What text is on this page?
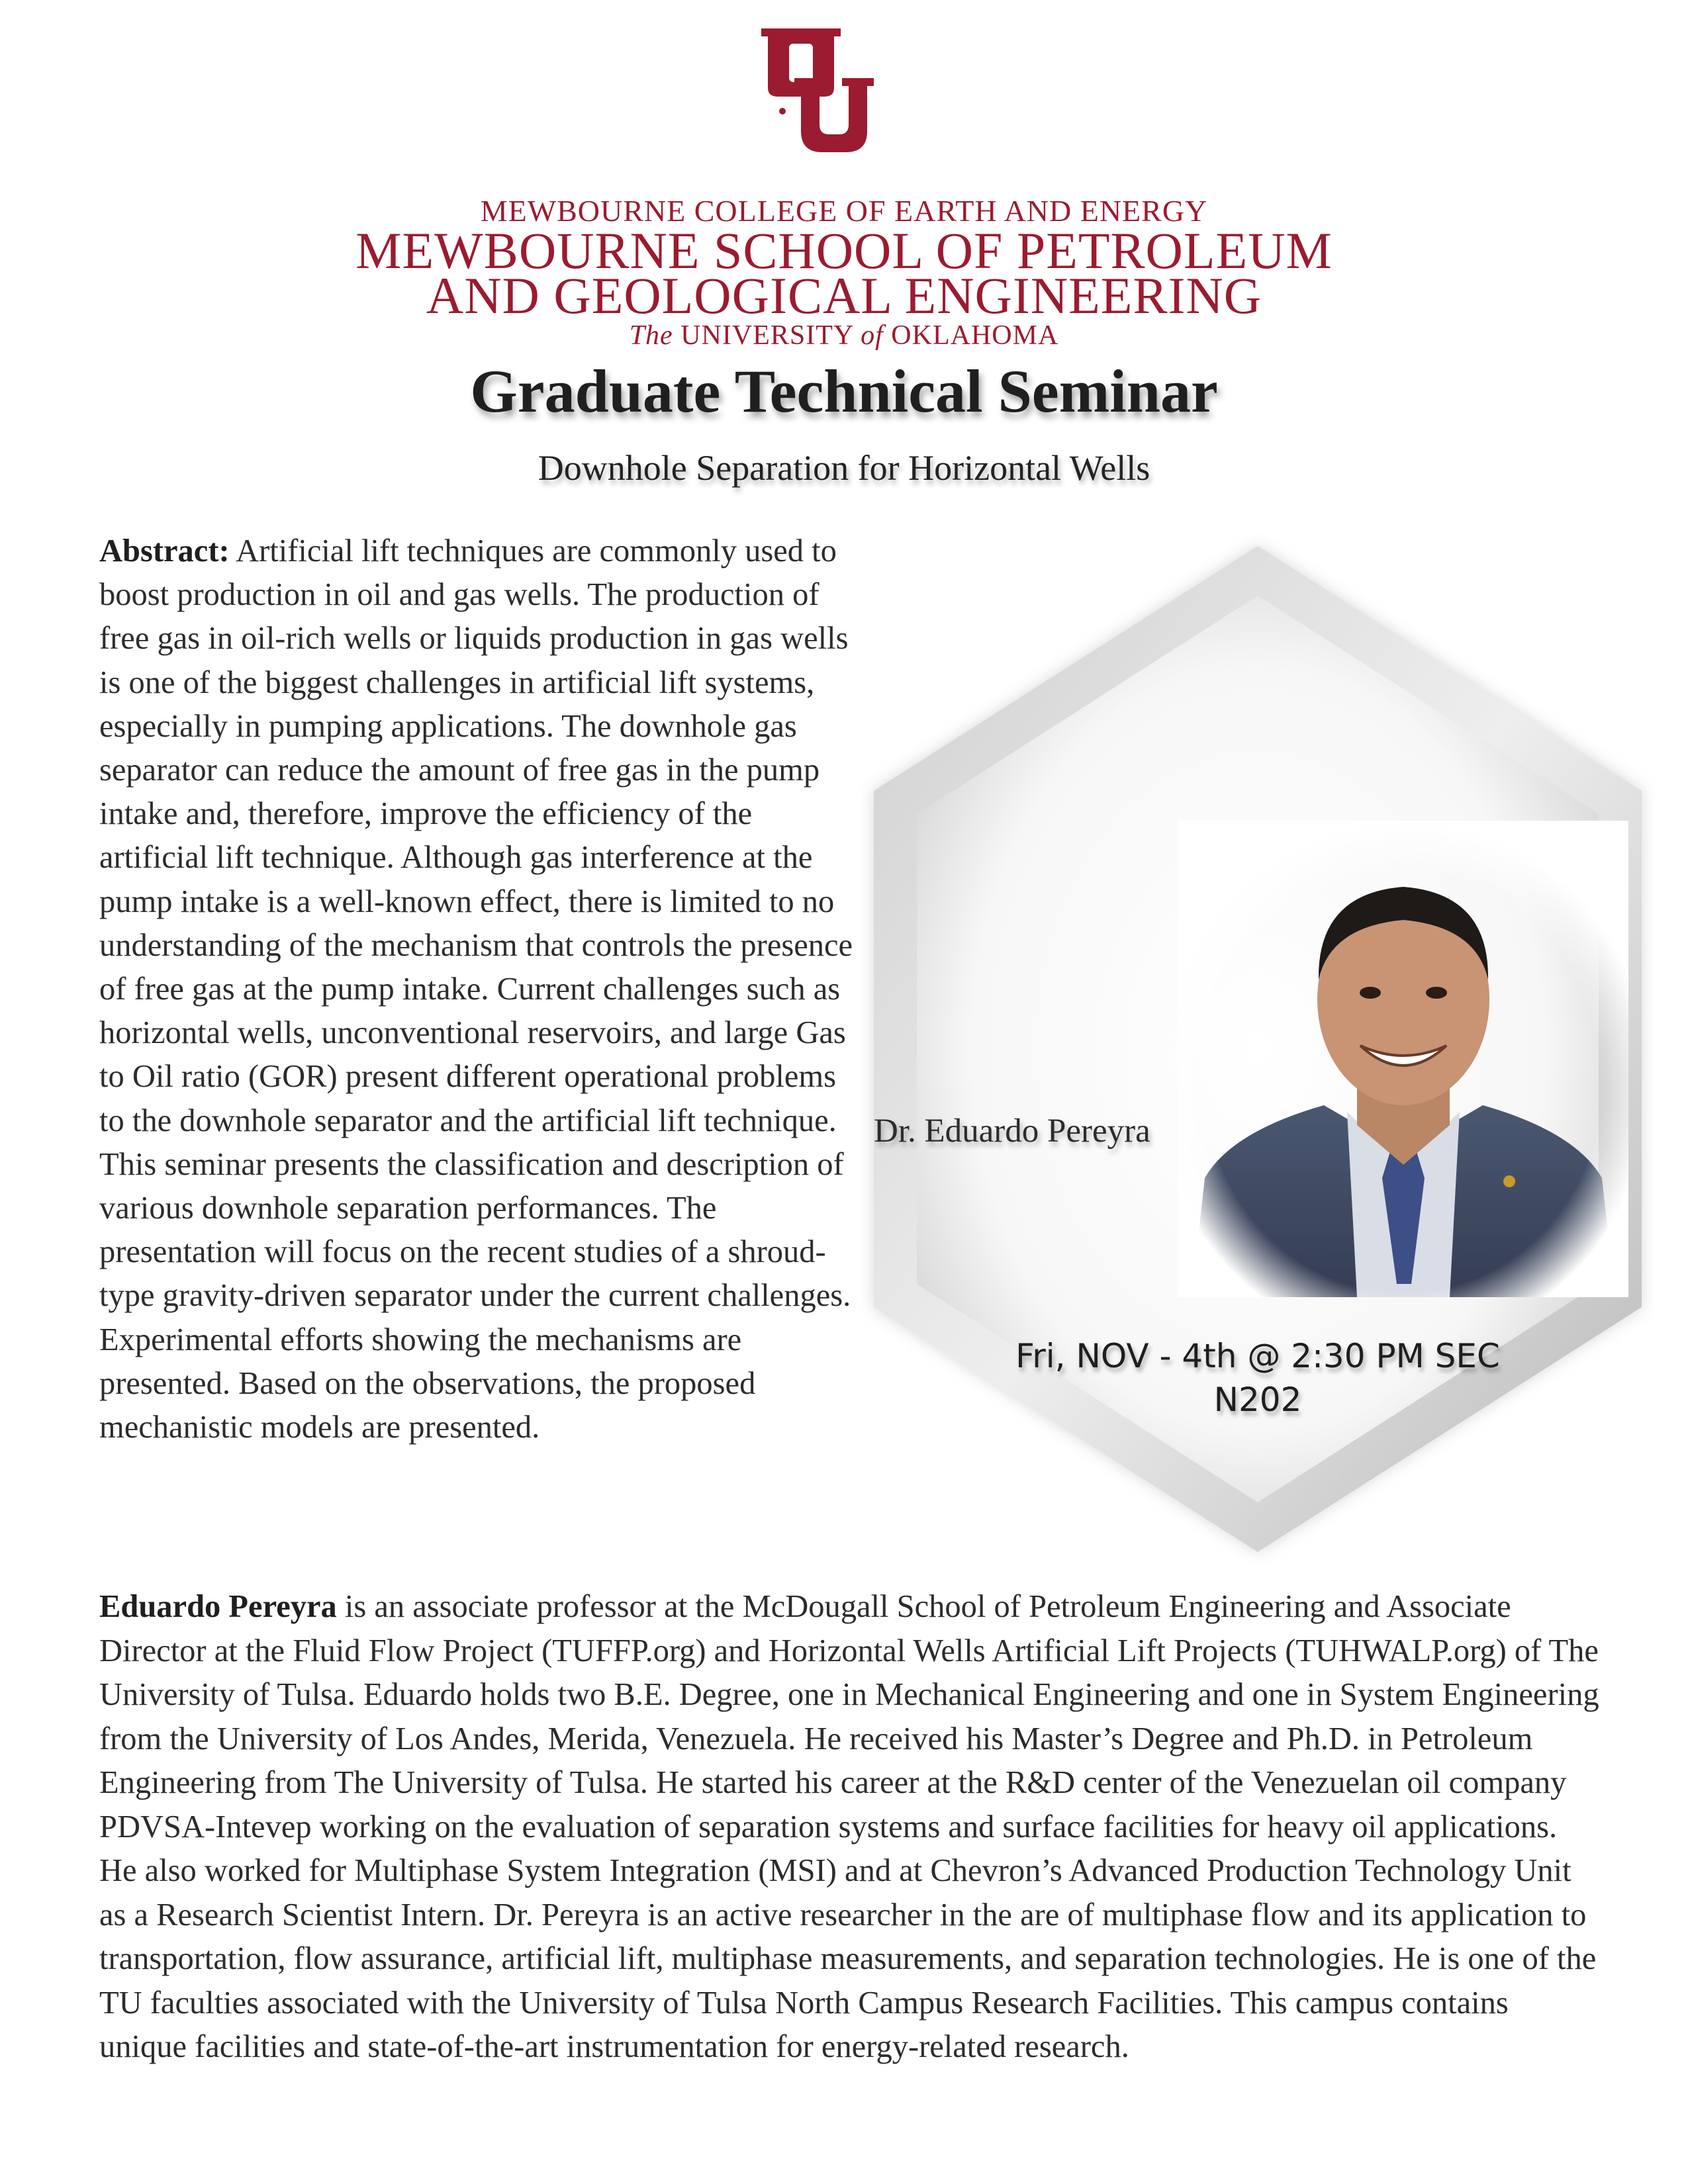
MEWBOURNE COLLEGE OF EARTH AND ENERGY
MEWBOURNE SCHOOL OF PETROLEUM
AND GEOLOGICAL ENGINEERING
The UNIVERSITY of OKLAHOMA
Graduate Technical Seminar
Downhole Separation for Horizontal Wells
Abstract: Artificial lift techniques are commonly used to boost production in oil and gas wells. The production of free gas in oil-rich wells or liquids production in gas wells is one of the biggest challenges in artificial lift systems, especially in pumping applications. The downhole gas separator can reduce the amount of free gas in the pump intake and, therefore, improve the efficiency of the artificial lift technique. Although gas interference at the pump intake is a well-known effect, there is limited to no understanding of the mechanism that controls the presence of free gas at the pump intake. Current challenges such as horizontal wells, unconventional reservoirs, and large Gas to Oil ratio (GOR) present different operational problems to the downhole separator and the artificial lift technique. This seminar presents the classification and description of various downhole separation performances. The presentation will focus on the recent studies of a shroud-type gravity-driven separator under the current challenges. Experimental efforts showing the mechanisms are presented. Based on the observations, the proposed mechanistic models are presented.
Dr. Eduardo Pereyra
Fri, NOV - 4th @ 2:30 PM SEC
N202
Eduardo Pereyra is an associate professor at the McDougall School of Petroleum Engineering and Associate Director at the Fluid Flow Project (TUFFP.org) and Horizontal Wells Artificial Lift Projects (TUHWALP.org) of The University of Tulsa. Eduardo holds two B.E. Degree, one in Mechanical Engineering and one in System Engineering from the University of Los Andes, Merida, Venezuela. He received his Master’s Degree and Ph.D. in Petroleum Engineering from The University of Tulsa. He started his career at the R&D center of the Venezuelan oil company PDVSA-Intevep working on the evaluation of separation systems and surface facilities for heavy oil applications. He also worked for Multiphase System Integration (MSI) and at Chevron’s Advanced Production Technology Unit as a Research Scientist Intern. Dr. Pereyra is an active researcher in the are of multiphase flow and its application to transportation, flow assurance, artificial lift, multiphase measurements, and separation technologies. He is one of the TU faculties associated with the University of Tulsa North Campus Research Facilities. This campus contains unique facilities and state-of-the-art instrumentation for energy-related research.
